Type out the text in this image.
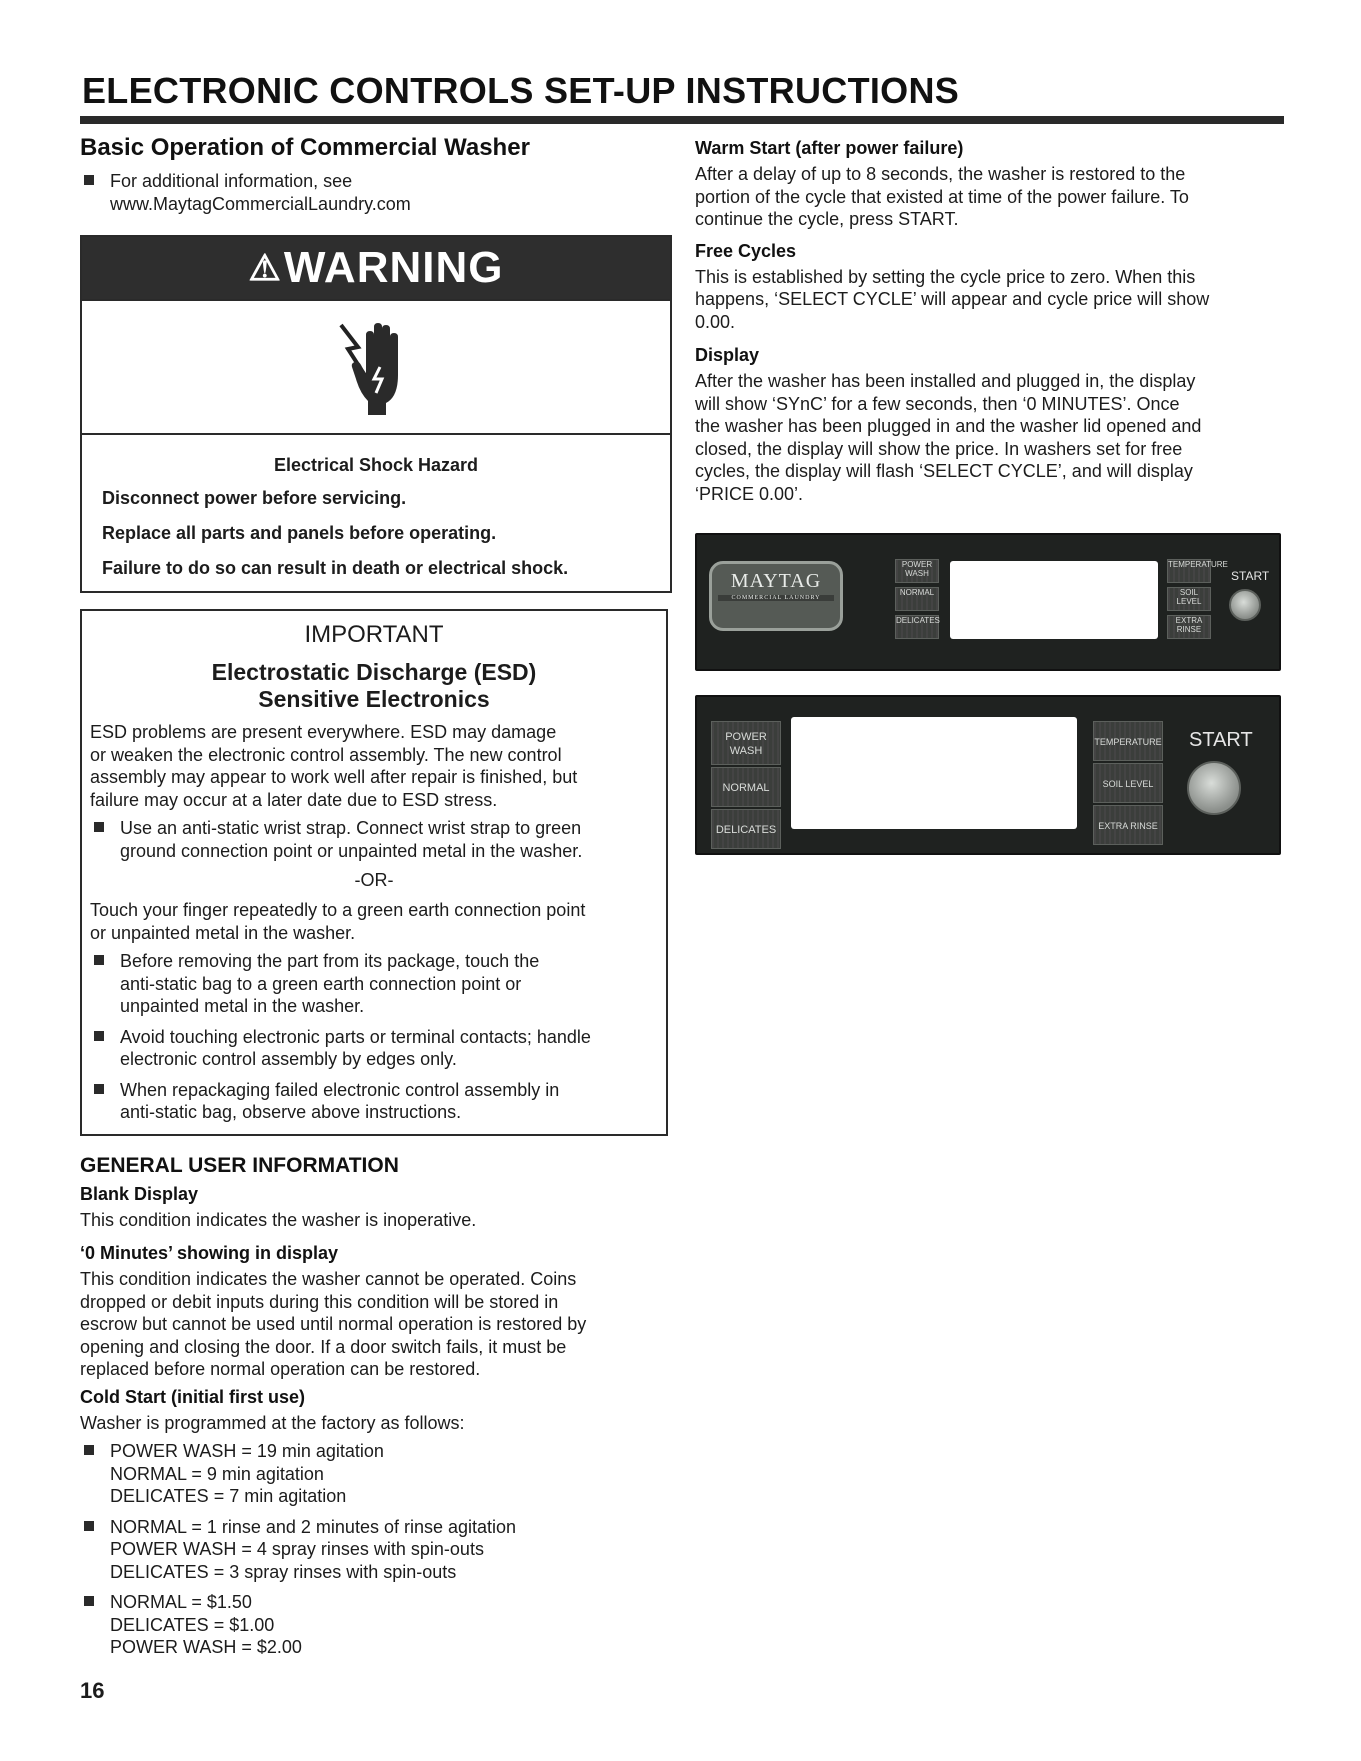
ELECTRONIC CONTROLS SET-UP INSTRUCTIONS
Basic Operation of Commercial Washer
For additional information, see
www.MaytagCommercialLaundry.com
⚠WARNING
Electrical Shock Hazard
Disconnect power before servicing.
Replace all parts and panels before operating.
Failure to do so can result in death or electrical shock.
IMPORTANT
Electrostatic Discharge (ESD)
Sensitive Electronics

ESD problems are present everywhere. ESD may damage
or weaken the electronic control assembly. The new control
assembly may appear to work well after repair is finished, but
failure may occur at a later date due to ESD stress.

Use an anti-static wrist strap. Connect wrist strap to green
ground connection point or unpainted metal in the washer.
-OR-

Touch your finger repeatedly to a green earth connection point
or unpainted metal in the washer.

Before removing the part from its package, touch the
anti-static bag to a green earth connection point or
unpainted metal in the washer.
Avoid touching electronic parts or terminal contacts; handle
electronic control assembly by edges only.
When repackaging failed electronic control assembly in
anti-static bag, observe above instructions.
GENERAL USER INFORMATION
Blank Display

This condition indicates the washer is inoperative.

‘0 Minutes’ showing in display

This condition indicates the washer cannot be operated. Coins
dropped or debit inputs during this condition will be stored in
escrow but cannot be used until normal operation is restored by
opening and closing the door. If a door switch fails, it must be
replaced before normal operation can be restored.

Cold Start (initial first use)

Washer is programmed at the factory as follows:

POWER WASH = 19 min agitation
NORMAL = 9 min agitation
DELICATES = 7 min agitation
NORMAL = 1 rinse and 2 minutes of rinse agitation
POWER WASH = 4 spray rinses with spin-outs
DELICATES = 3 spray rinses with spin-outs
NORMAL = $1.50
DELICATES = $1.00
POWER WASH = $2.00
Warm Start (after power failure)

After a delay of up to 8 seconds, the washer is restored to the
portion of the cycle that existed at time of the power failure. To
continue the cycle, press START.

Free Cycles

This is established by setting the cycle price to zero. When this
happens, ‘SELECT CYCLE’ will appear and cycle price will show
0.00.

Display

After the washer has been installed and plugged in, the display
will show ‘SYnC’ for a few seconds, then ‘0 MINUTES’. Once
the washer has been plugged in and the washer lid opened and
closed, the display will show the price. In washers set for free
cycles, the display will flash ‘SELECT CYCLE’, and will display
‘PRICE 0.00’.

MAYTAG
COMMERCIAL LAUNDRY
POWER WASH
NORMAL
DELICATES
TEMPERATURE
SOIL LEVEL
EXTRA RINSE
START
POWER WASH
NORMAL
DELICATES
TEMPERATURE
SOIL LEVEL
EXTRA RINSE
START
16
